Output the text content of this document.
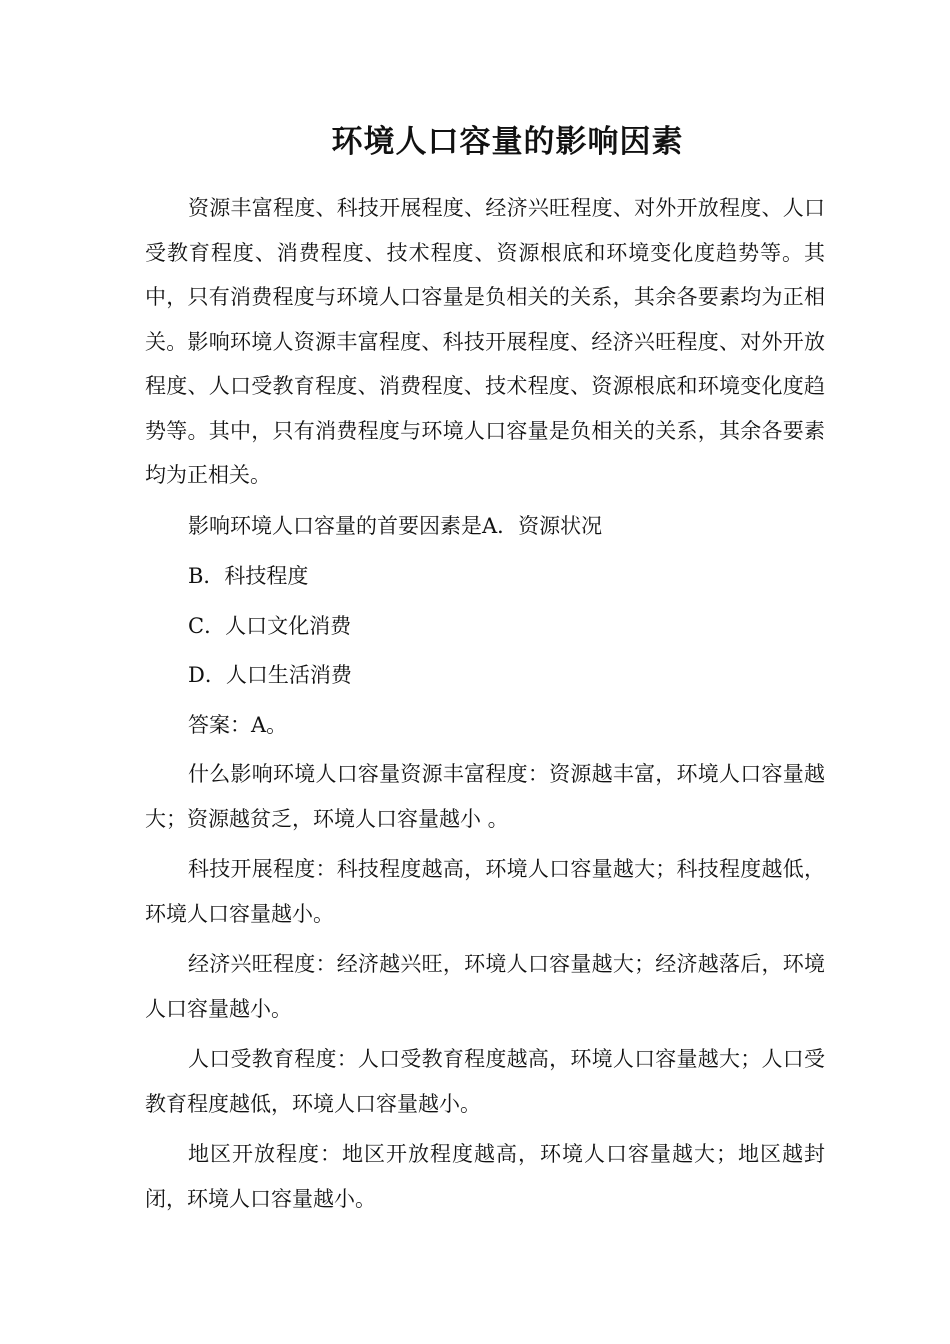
环境人口容量的影响因素

资源丰富程度、科技开展程度、经济兴旺程度、对外开放程度、人口受教育程度、消费程度、技术程度、资源根底和环境变化度趋势等。其中，只有消费程度与环境人口容量是负相关的关系，其余各要素均为正相关。影响环境人资源丰富程度、科技开展程度、经济兴旺程度、对外开放程度、人口受教育程度、消费程度、技术程度、资源根底和环境变化度趋势等。其中，只有消费程度与环境人口容量是负相关的关系，其余各要素均为正相关。

影响环境人口容量的首要因素是A．资源状况

B．科技程度

C．人口文化消费

D．人口生活消费

答案：A。

什么影响环境人口容量资源丰富程度：资源越丰富，环境人口容量越大；资源越贫乏，环境人口容量越小 。

科技开展程度：科技程度越高，环境人口容量越大；科技程度越低，环境人口容量越小。

经济兴旺程度：经济越兴旺，环境人口容量越大；经济越落后，环境人口容量越小。

人口受教育程度：人口受教育程度越高，环境人口容量越大；人口受教育程度越低，环境人口容量越小。

地区开放程度：地区开放程度越高，环境人口容量越大；地区越封闭，环境人口容量越小。
